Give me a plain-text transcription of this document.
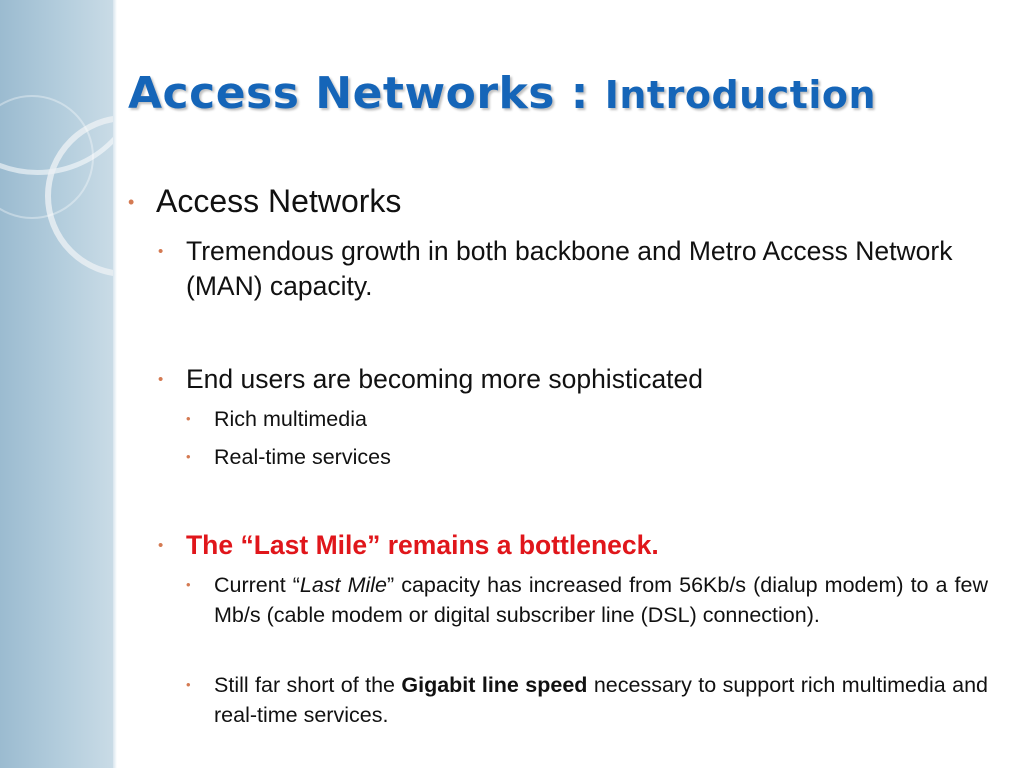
Access Networks : Introduction
• Access Networks
• Tremendous growth in both backbone and Metro Access Network (MAN) capacity.
• End users are becoming more sophisticated
• Rich multimedia
• Real-time services
• The “Last Mile” remains a bottleneck.
• Current “Last Mile” capacity has increased from 56Kb/s (dialup modem) to a few Mb/s (cable modem or digital subscriber line (DSL) connection).
• Still far short of the Gigabit line speed necessary to support rich multimedia and real-time services.
